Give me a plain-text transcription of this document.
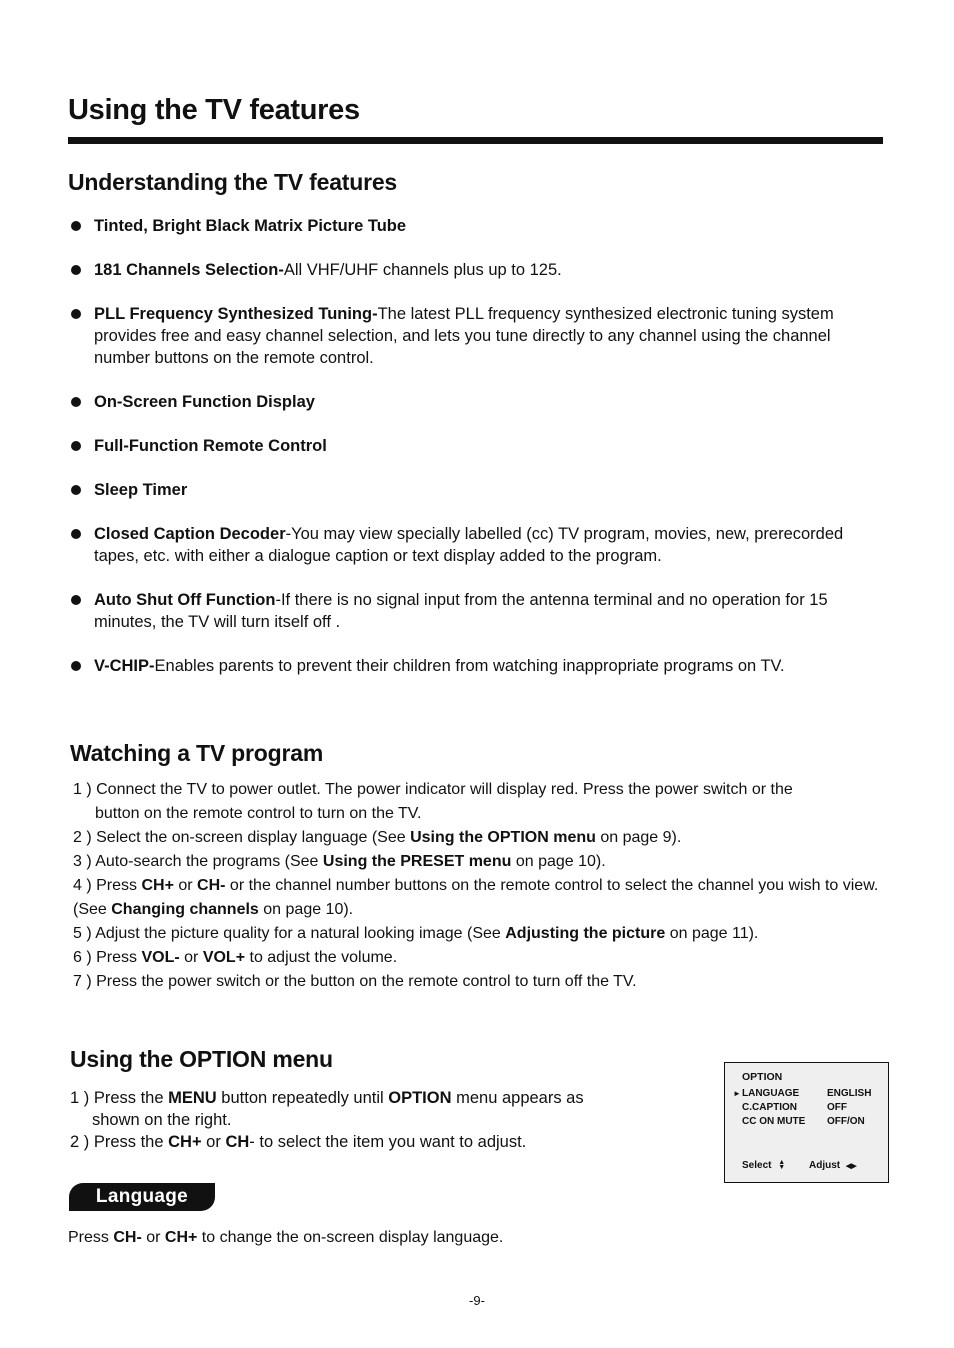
Using the TV features
Understanding the TV features
Tinted, Bright Black Matrix Picture Tube
181 Channels Selection-All VHF/UHF channels plus up to 125.
PLL Frequency Synthesized Tuning-The latest PLL frequency synthesized electronic tuning system provides free and easy channel selection, and lets you tune directly to any channel using the channel number buttons on the remote control.
On-Screen Function Display
Full-Function Remote Control
Sleep Timer
Closed Caption Decoder-You may view specially labelled (cc) TV program, movies, new, prerecorded tapes, etc. with either a dialogue caption or text display added to the program.
Auto Shut Off Function-If there is no signal input from the antenna terminal and no operation for 15 minutes, the TV will turn itself off .
V-CHIP-Enables parents to prevent their children from watching inappropriate programs on TV.
Watching a TV program
1 ) Connect the TV to power outlet. The power indicator will display red. Press the power switch or the
button on the remote control to turn on the TV.
2 ) Select the on-screen display language (See Using the OPTION menu on page 9).
3 ) Auto-search the programs (See Using the PRESET menu on page 10).
4 ) Press CH+ or CH- or the channel number buttons on the remote control to select the channel you wish to view.
(See Changing channels on page 10).
5 ) Adjust the picture quality for a natural looking image (See Adjusting the picture on page 11).
6 ) Press VOL- or VOL+ to adjust the volume.
7 ) Press the power switch or the button on the remote control to turn off the TV.
Using the OPTION menu
1 ) Press the MENU button repeatedly until OPTION menu appears as
shown on the right.
2 ) Press the CH+ or CH- to select the item you want to adjust.
OPTION
► LANGUAGE	ENGLISH
C.CAPTION	OFF
CC ON MUTE OFF/ON
Select ▲
▼ Adjust ◀▶
Language
Press CH- or CH+ to change the on-screen display language.
-9-
